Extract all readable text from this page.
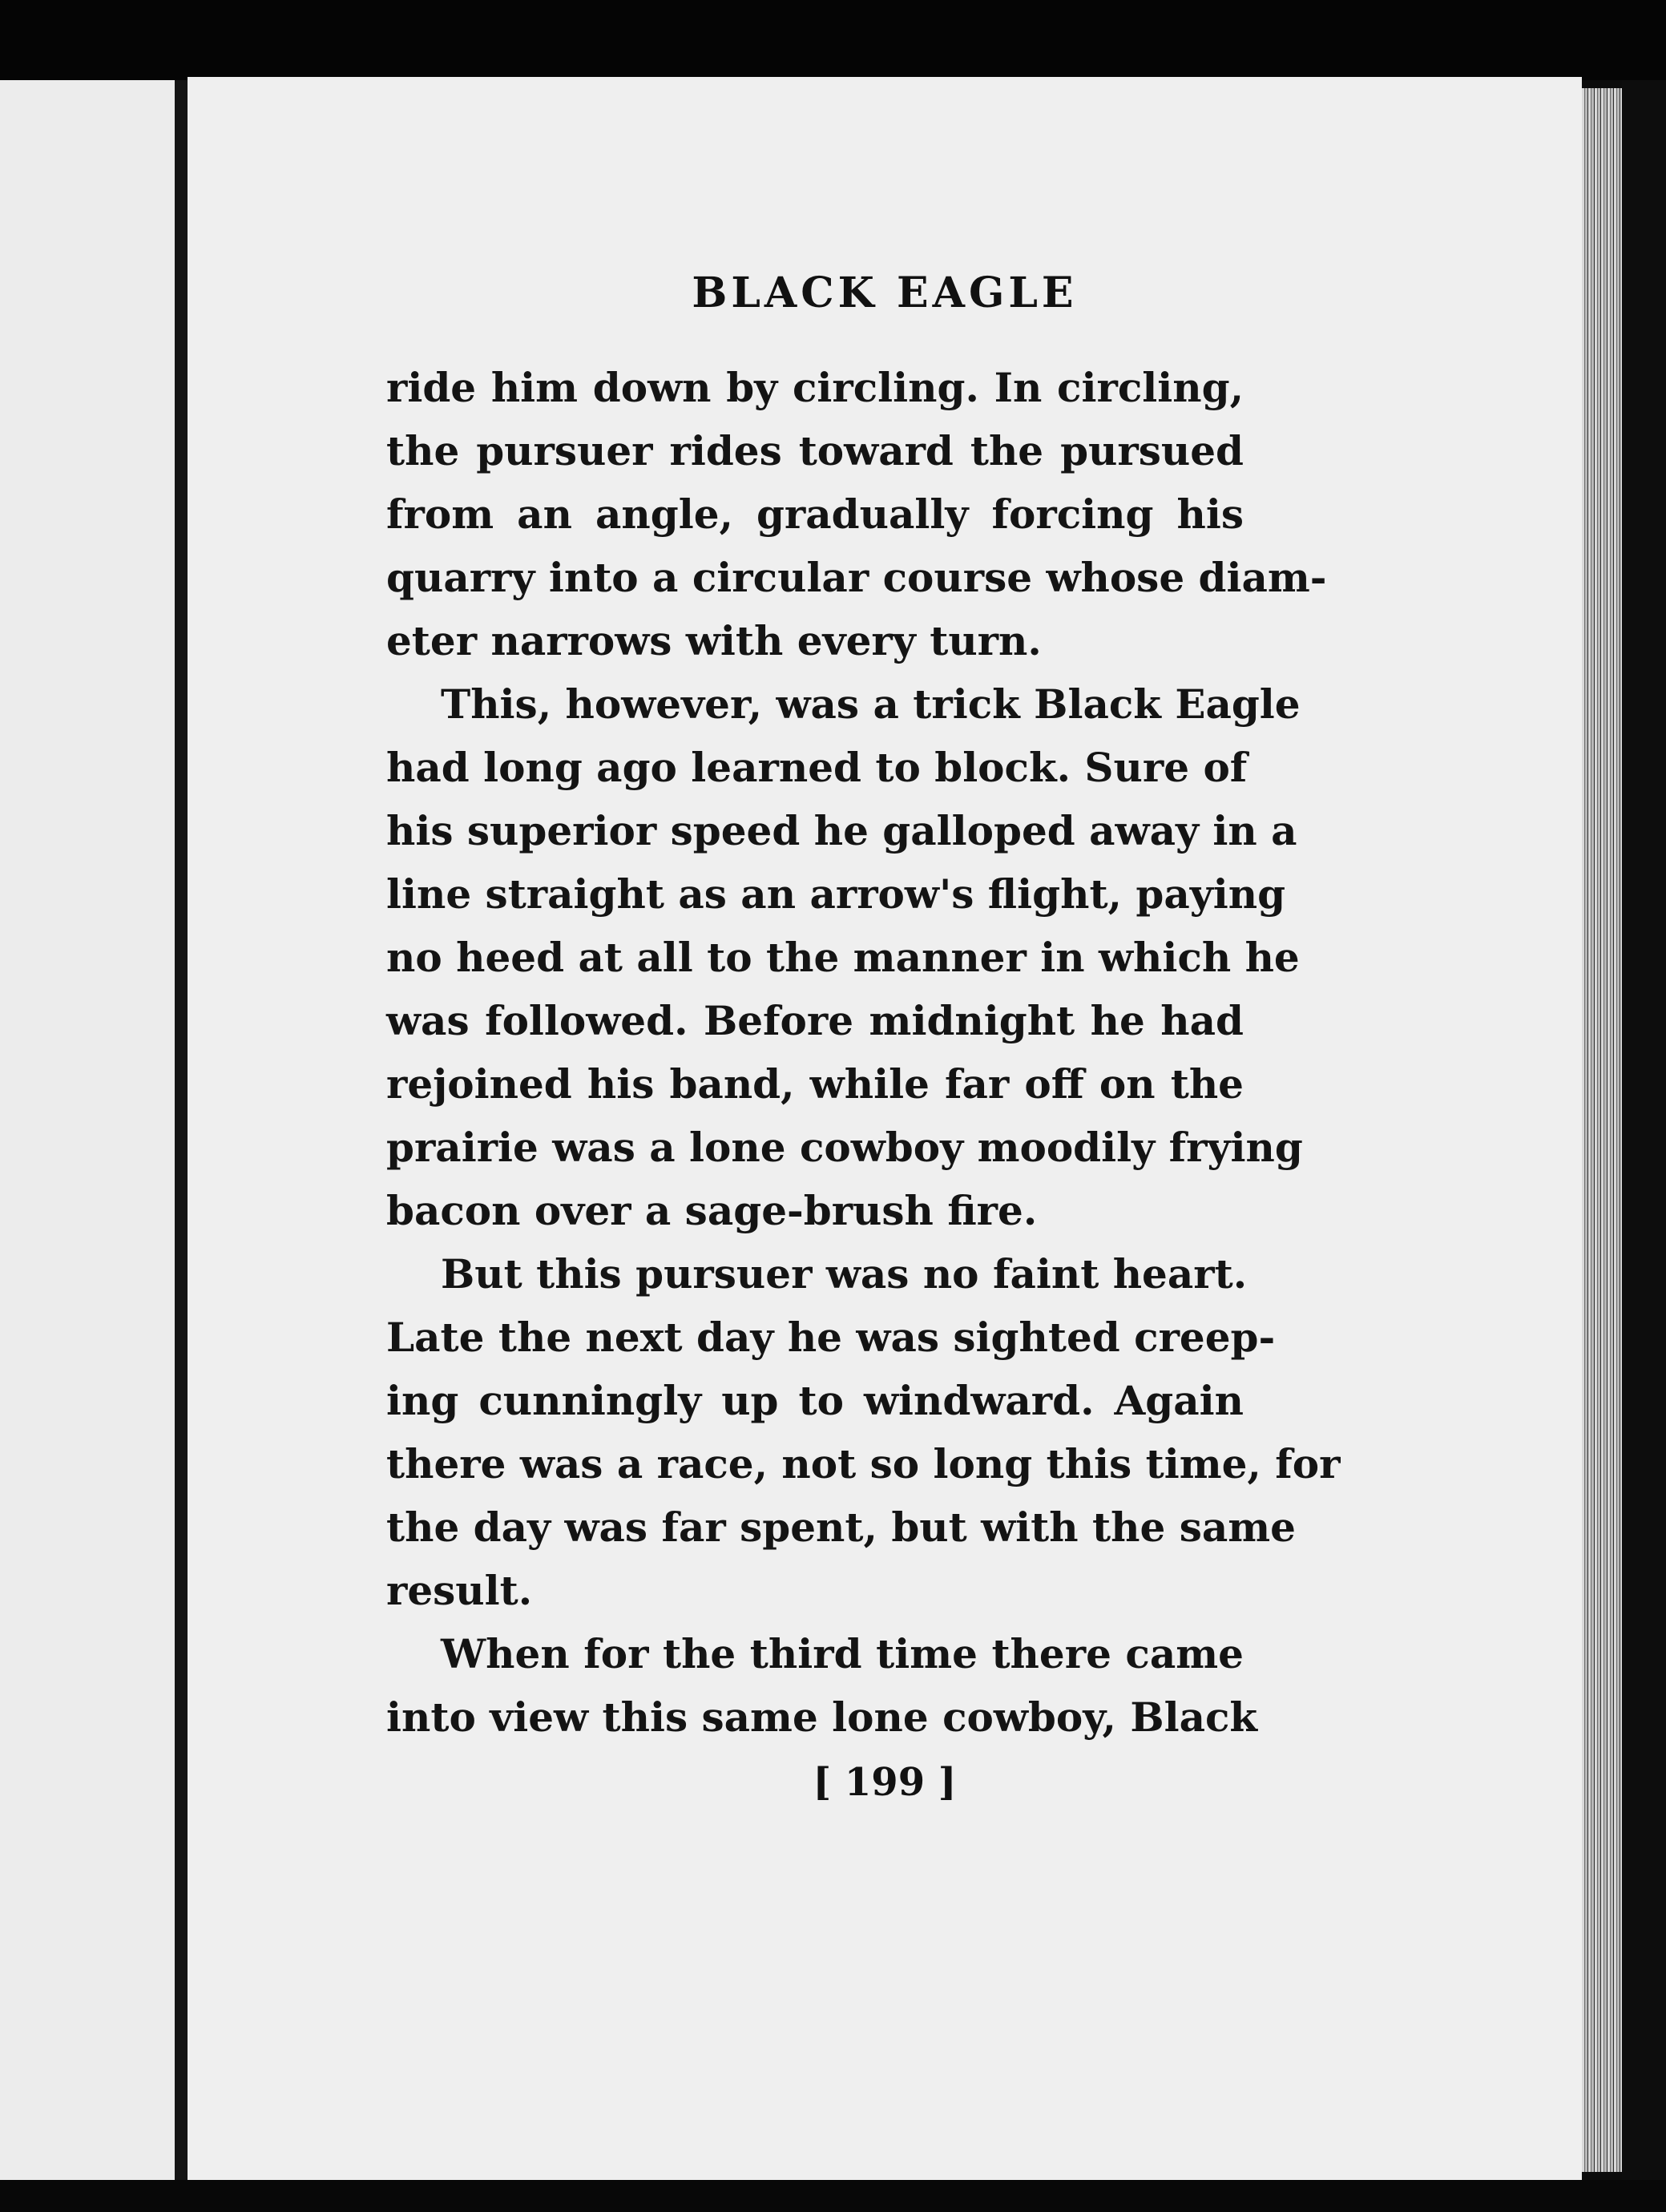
BLACK EAGLE
ride him down by circling. In circling,
the pursuer rides toward the pursued
from an angle, gradually forcing his
quarry into a circular course whose diam-
eter narrows with every turn.
This, however, was a trick Black Eagle
had long ago learned to block. Sure of
his superior speed he galloped away in a
line straight as an arrow's flight, paying
no heed at all to the manner in which he
was followed. Before midnight he had
rejoined his band, while far off on the
prairie was a lone cowboy moodily frying
bacon over a sage-brush fire.
But this pursuer was no faint heart.
Late the next day he was sighted creep-
ing cunningly up to windward. Again
there was a race, not so long this time, for
the day was far spent, but with the same
result.
When for the third time there came
into view this same lone cowboy, Black
[ 199 ]
